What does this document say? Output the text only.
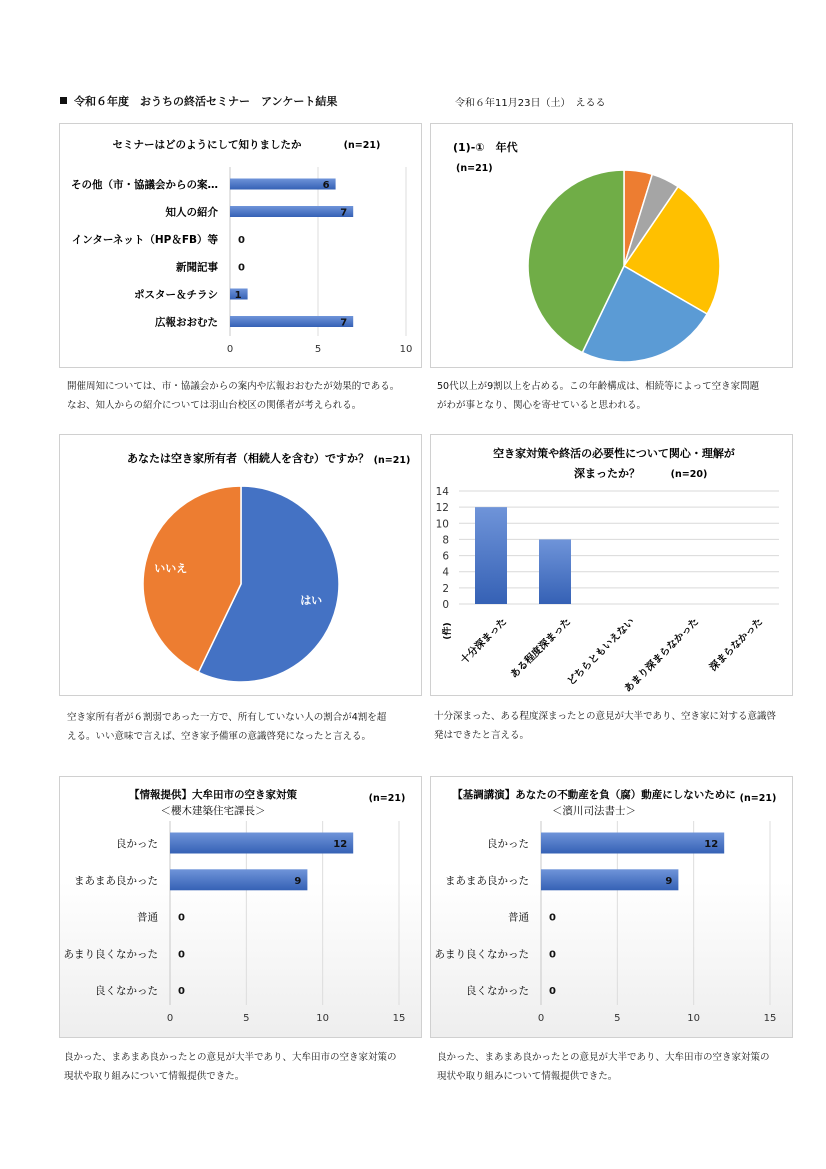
令和６年度　おうちの終活セミナー　アンケート結果	令和６年11月23日（土）　えるる
セミナーはどのようにして知りましたか	(n=21)
0	5	10
その他（市・協議会からの案…	6
知人の紹介	7
インターネット（HP＆FB）等 0
新聞記事 0
ポスター＆チラシ 1
広報おおむた	7
開催周知については、市・協議会からの案内や広報おおむたが効果的である。
なお、知人からの紹介については羽山台校区の関係者が考えられる。
(1)-①　年代
(n=21)
50代以上が9割以上を占める。この年齢構成は、相続等によって空き家問題
がわが事となり、関心を寄せていると思われる。
あなたは空き家所有者（相続人を含む）ですか？ (n=21)
はい
いいえ
空き家所有者が６割弱であった一方で、所有していない人の割合が4割を超
える。いい意味で言えば、空き家予備軍の意識啓発になったと言える。
空き家対策や終活の必要性について関心・理解が
深まったか？	(n=20)
0
2
4
6
8
10
12
14
十分深まった ある程度深まった
どちらともいえない
あまり深まらなかった 深まらなかった
(件)
十分深まった、ある程度深まったとの意見が大半であり、空き家に対する意識啓
発はできたと言える。
【情報提供】大牟田市の空き家対策
＜櫻木建築住宅課長＞
(n=21)
0	5	10	15
良かった	12
まあまあ良かった	9
普通 0
あまり良くなかった 0
良くなかった 0
良かった、まあまあ良かったとの意見が大半であり、大牟田市の空き家対策の
現状や取り組みについて情報提供できた。
【基調講演】あなたの不動産を負（腐）動産にしないために
＜濱川司法書士＞
(n=21)
0	5	10	15
良かった	12
まあまあ良かった	9
普通 0
あまり良くなかった 0
良くなかった 0
良かった、まあまあ良かったとの意見が大半であり、大牟田市の空き家対策の
現状や取り組みについて情報提供できた。
